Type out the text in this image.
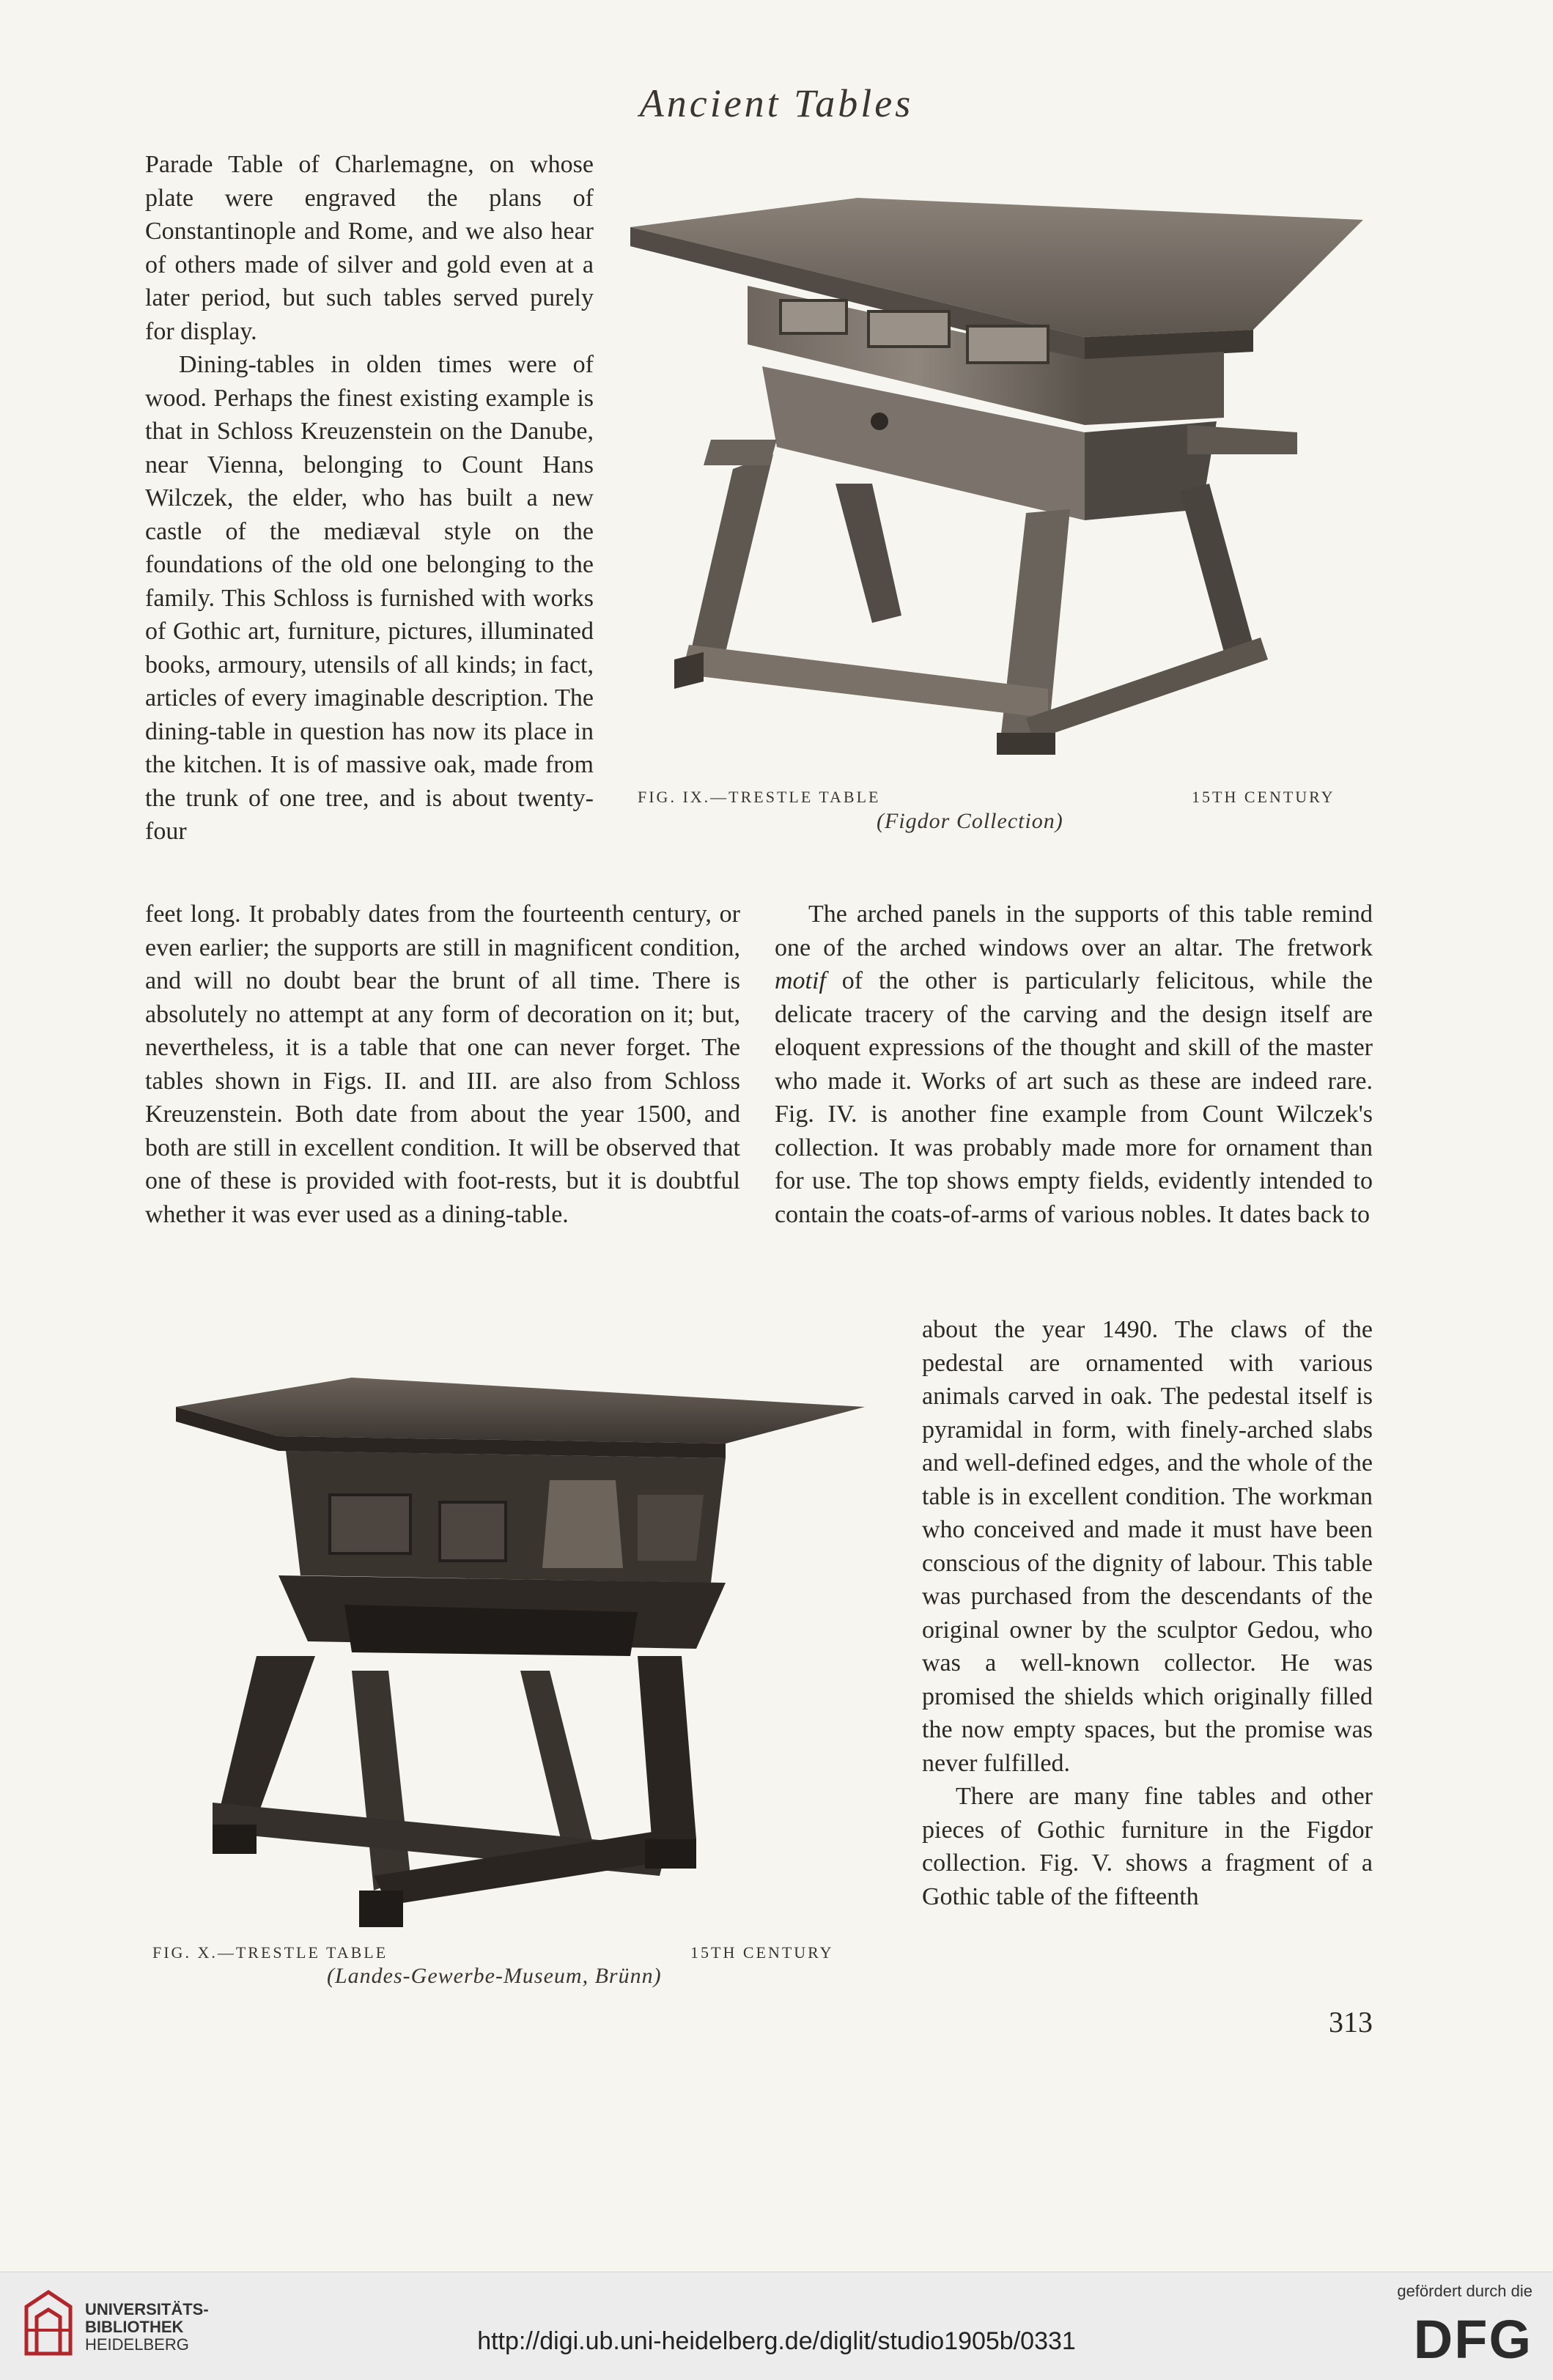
Ancient Tables

Parade Table of Charlemagne, on whose plate were engraved the plans of Constantinople and Rome, and we also hear of others made of silver and gold even at a later period, but such tables served purely for display.

Dining-tables in olden times were of wood. Perhaps the finest existing example is that in Schloss Kreuzenstein on the Danube, near Vienna, belonging to Count Hans Wilczek, the elder, who has built a new castle of the mediæval style on the foundations of the old one belonging to the family. This Schloss is furnished with works of Gothic art, furniture, pictures, illuminated books, armoury, utensils of all kinds; in fact, articles of every imaginable description. The dining-table in question has now its place in the kitchen. It is of massive oak, made from the trunk of one tree, and is about twenty-four

FIG. IX.—TRESTLE TABLE	15TH CENTURY
(Figdor Collection)

feet long. It probably dates from the fourteenth century, or even earlier; the supports are still in magnificent condition, and will no doubt bear the brunt of all time. There is absolutely no attempt at any form of decoration on it; but, nevertheless, it is a table that one can never forget. The tables shown in Figs. II. and III. are also from Schloss Kreuzenstein. Both date from about the year 1500, and both are still in excellent condition. It will be observed that one of these is provided with foot-rests, but it is doubtful whether it was ever used as a dining-table.

The arched panels in the supports of this table remind one of the arched windows over an altar. The fretwork motif of the other is particularly felicitous, while the delicate tracery of the carving and the design itself are eloquent expressions of the thought and skill of the master who made it. Works of art such as these are indeed rare. Fig. IV. is another fine example from Count Wilczek's collection. It was probably made more for ornament than for use. The top shows empty fields, evidently intended to contain the coats-of-arms of various nobles. It dates back to

FIG. X.—TRESTLE TABLE	15TH CENTURY
(Landes-Gewerbe-Museum, Brünn)

about the year 1490. The claws of the pedestal are ornamented with various animals carved in oak. The pedestal itself is pyramidal in form, with finely-arched slabs and well-defined edges, and the whole of the table is in excellent condition. The workman who conceived and made it must have been conscious of the dignity of labour. This table was purchased from the descendants of the original owner by the sculptor Gedou, who was a well-known collector. He was promised the shields which originally filled the now empty spaces, but the promise was never fulfilled.

There are many fine tables and other pieces of Gothic furniture in the Figdor collection. Fig. V. shows a fragment of a Gothic table of the fifteenth

313
UNIVERSITÄTS-
BIBLIOTHEK
HEIDELBERG	http://digi.ub.uni-heidelberg.de/diglit/studio1905b/0331
gefördert durch die
DFG
